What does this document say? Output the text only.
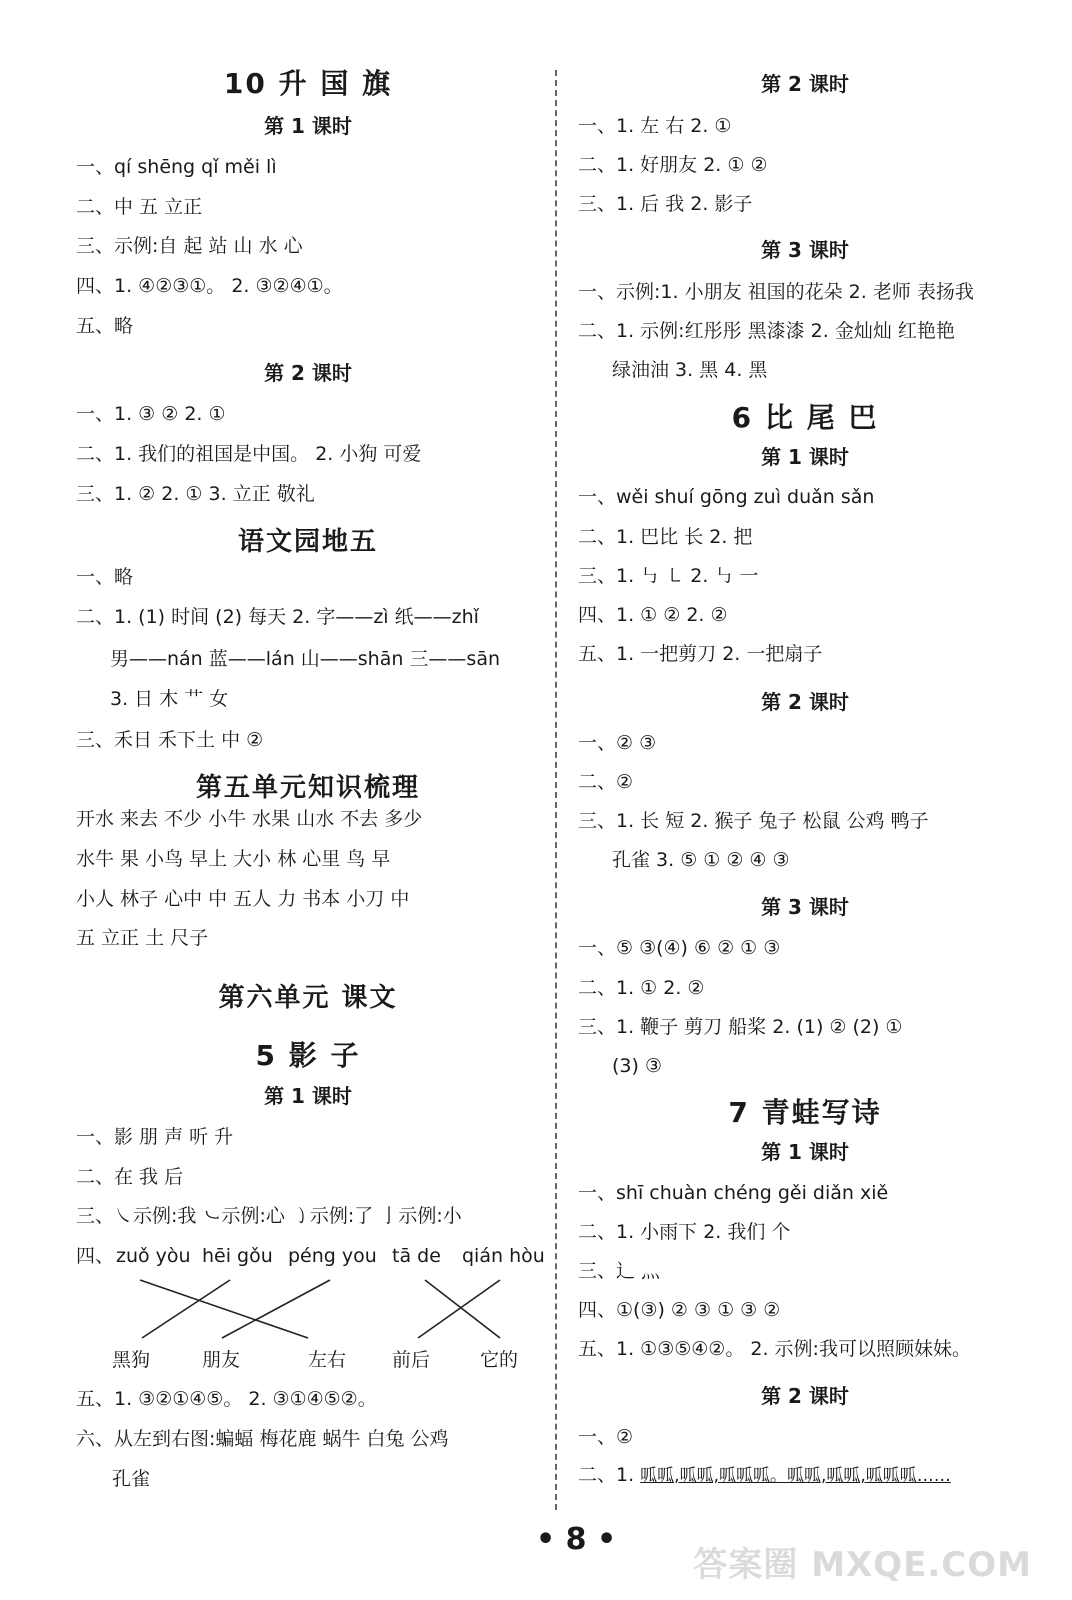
10 升 国 旗
第 1 课时
一、qí shēng qǐ měi lì
二、中 五 立正
三、示例:自 起 站 山 水 心
四、1. ④②③①。 2. ③②④①。
五、略
第 2 课时
一、1. ③ ② 2. ①
二、1. 我们的祖国是中国。 2. 小狗 可爱
三、1. ② 2. ① 3. 立正 敬礼
语文园地五
一、略
二、1. (1) 时间 (2) 每天 2. 字——zì 纸——zhǐ
男——nán 蓝——lán 山——shān 三——sān
3. 日 木 艹 女
三、禾日 禾下土 中 ②
第五单元知识梳理
开水 来去 不少 小牛 水果 山水 不去 多少
水牛 果 小鸟 早上 大小 林 心里 鸟 早
小人 林子 心中 中 五人 力 书本 小刀 中
五 立正 土 尺子
第六单元 课文
5 影 子
第 1 课时
一、影 朋 声 听 升
二、在 我 后
三、㇏示例:我 ㇃示例:心 ㇁示例:了 亅示例:小
四、 zuǒ yòu hēi gǒu péng you tā de qián hòu
黑狗	朋友	左右 前后	它的
五、1. ③②①④⑤。 2. ③①④⑤②。
六、从左到右图:蝙蝠 梅花鹿 蜗牛 白兔 公鸡
孔雀
第 2 课时
一、1. 左 右 2. ①
二、1. 好朋友 2. ① ②
三、1. 后 我 2. 影子
第 3 课时
一、示例:1. 小朋友 祖国的花朵 2. 老师 表扬我
二、1. 示例:红彤彤 黑漆漆 2. 金灿灿 红艳艳
绿油油 3. 黑 4. 黑
6 比 尾 巴
第 1 课时
一、wěi shuí gōng zuì duǎn sǎn
二、1. 巴比 长 2. 把
三、1. ㇉ ㇄ 2. ㇉ 一
四、1. ① ② 2. ②
五、1. 一把剪刀 2. 一把扇子
第 2 课时
一、② ③
二、②
三、1. 长 短 2. 猴子 兔子 松鼠 公鸡 鸭子
孔雀 3. ⑤ ① ② ④ ③
第 3 课时
一、⑤ ③(④) ⑥ ② ① ③
二、1. ① 2. ②
三、1. 鞭子 剪刀 船桨 2. (1) ② (2) ①
(3) ③
7 青蛙写诗
第 1 课时
一、shī chuàn chéng gěi diǎn xiě
二、1. 小雨下 2. 我们 个
三、辶 灬
四、①(③) ② ③ ① ③ ②
五、1. ①③⑤④②。 2. 示例:我可以照顾妹妹。
第 2 课时
一、②
二、1. 呱呱,呱呱,呱呱呱。呱呱,呱呱,呱呱呱……
• 8 •
答案圈 MXQE.COM
